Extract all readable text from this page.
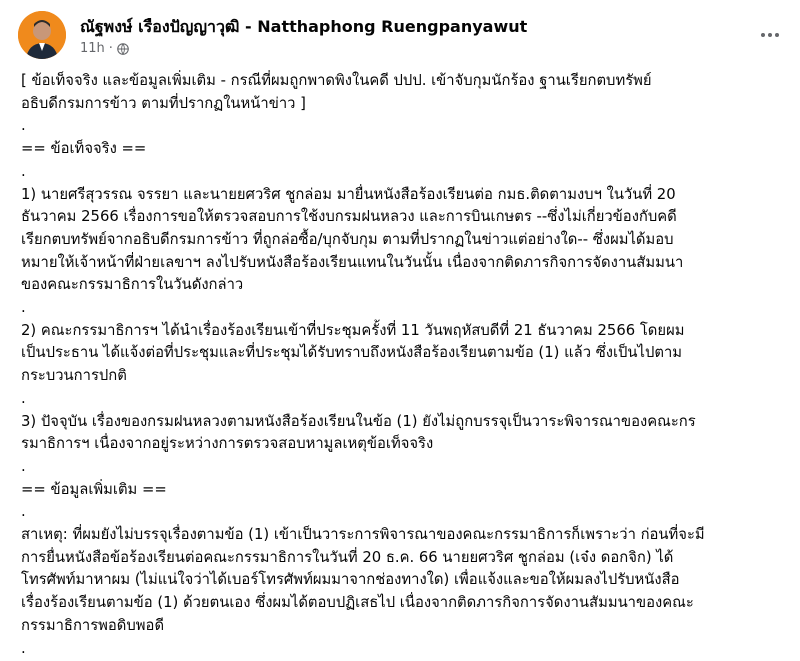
ณัฐพงษ์ เรืองปัญญาวุฒิ - Natthaphong Ruengpanyawut
11h ·

[ ข้อเท็จจริง และข้อมูลเพิ่มเติม - กรณีที่ผมถูกพาดพิงในคดี ปปป. เข้าจับกุมนักร้อง ฐานเรียกตบทรัพย์

อธิบดีกรมการข้าว ตามที่ปรากฏในหน้าข่าว ]

.

== ข้อเท็จจริง ==

.

1) นายศรีสุวรรณ จรรยา และนายยศวริศ ชูกล่อม มายื่นหนังสือร้องเรียนต่อ กมธ.ติดตามงบฯ ในวันที่ 20

ธันวาคม 2566 เรื่องการขอให้ตรวจสอบการใช้งบกรมฝนหลวง และการบินเกษตร --ซึ่งไม่เกี่ยวข้องกับคดี

เรียกตบทรัพย์จากอธิบดีกรมการข้าว ที่ถูกล่อซื้อ/บุกจับกุม ตามที่ปรากฏในข่าวแต่อย่างใด-- ซึ่งผมได้มอบ

หมายให้เจ้าหน้าที่ฝ่ายเลขาฯ ลงไปรับหนังสือร้องเรียนแทนในวันนั้น เนื่องจากติดภารกิจการจัดงานสัมมนา

ของคณะกรรมาธิการในวันดังกล่าว

.

2) คณะกรรมาธิการฯ ได้นำเรื่องร้องเรียนเข้าที่ประชุมครั้งที่ 11 วันพฤหัสบดีที่ 21 ธันวาคม 2566 โดยผม

เป็นประธาน ได้แจ้งต่อที่ประชุมและที่ประชุมได้รับทราบถึงหนังสือร้องเรียนตามข้อ (1) แล้ว ซึ่งเป็นไปตาม

กระบวนการปกติ

.

3) ปัจจุบัน เรื่องของกรมฝนหลวงตามหนังสือร้องเรียนในข้อ (1) ยังไม่ถูกบรรจุเป็นวาระพิจารณาของคณะกร

รมาธิการฯ เนื่องจากอยู่ระหว่างการตรวจสอบหามูลเหตุข้อเท็จจริง

.

== ข้อมูลเพิ่มเติม ==

.

สาเหตุ: ที่ผมยังไม่บรรจุเรื่องตามข้อ (1) เข้าเป็นวาระการพิจารณาของคณะกรรมาธิการก็เพราะว่า ก่อนที่จะมี

การยื่นหนังสือข้อร้องเรียนต่อคณะกรรมาธิการในวันที่ 20 ธ.ค. 66 นายยศวริศ ชูกล่อม (เจ๋ง ดอกจิก) ได้

โทรศัพท์มาหาผม (ไม่แน่ใจว่าได้เบอร์โทรศัพท์ผมมาจากช่องทางใด) เพื่อแจ้งและขอให้ผมลงไปรับหนังสือ

เรื่องร้องเรียนตามข้อ (1) ด้วยตนเอง ซึ่งผมได้ตอบปฏิเสธไป เนื่องจากติดภารกิจการจัดงานสัมมนาของคณะ

กรรมาธิการพอดิบพอดี

.
